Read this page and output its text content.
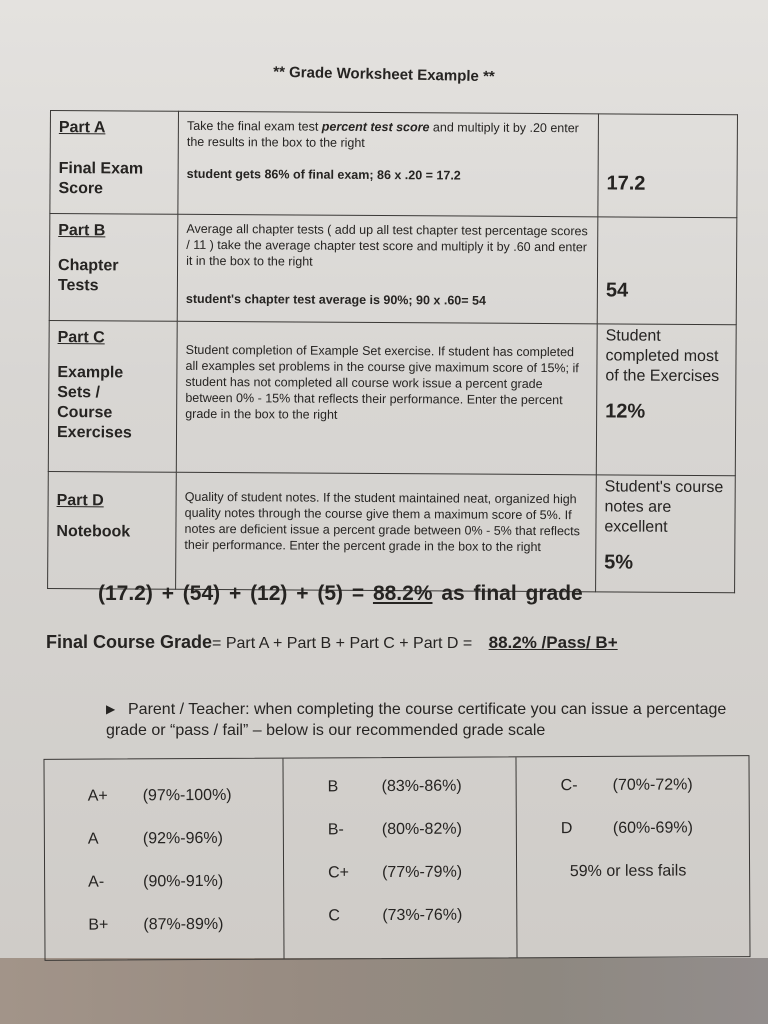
** Grade Worksheet Example **
Part A
Final Exam Score	Take the final exam test percent test score and multiply it by .20 enter the results in the box to the right
student gets 86% of final exam; 86 x .20 = 17.2	17.2

Part B
Chapter Tests	Average all chapter tests ( add up all test chapter test percentage scores / 11 ) take the average chapter test score and multiply it by .60 and enter it in the box to the right
student's chapter test average is 90%; 90 x .60= 54	54

Part C
Example Sets / Course Exercises	Student completion of Example Set exercise. If student has completed all examples set problems in the course give maximum score of 15%; if student has not completed all course work issue a percent grade between 0% - 15% that reflects their performance. Enter the percent grade in the box to the right	Student completed most of the Exercises
12%

Part D
Notebook	Quality of student notes. If the student maintained neat, organized high quality notes through the course give them a maximum score of 5%. If notes are deficient issue a percent grade between 0% - 5% that reflects their performance. Enter the percent grade in the box to the right	Student's course notes are excellent
5%
(17.2) + (54) + (12) + (5) = 88.2% as final grade
Final Course Grade= Part A + Part B + Part C + Part D = 88.2% /Pass/ B+
▶ Parent / Teacher: when completing the course certificate you can issue a percentage grade or “pass / fail” – below is our recommended grade scale
A+	(97%-100%)
A	(92%-96%)
A-	(90%-91%)
B+	(87%-89%)
B	(83%-86%)
B-	(80%-82%)
C+	(77%-79%)
C	(73%-76%)
C-	(70%-72%)
D	(60%-69%)
59% or less fails
